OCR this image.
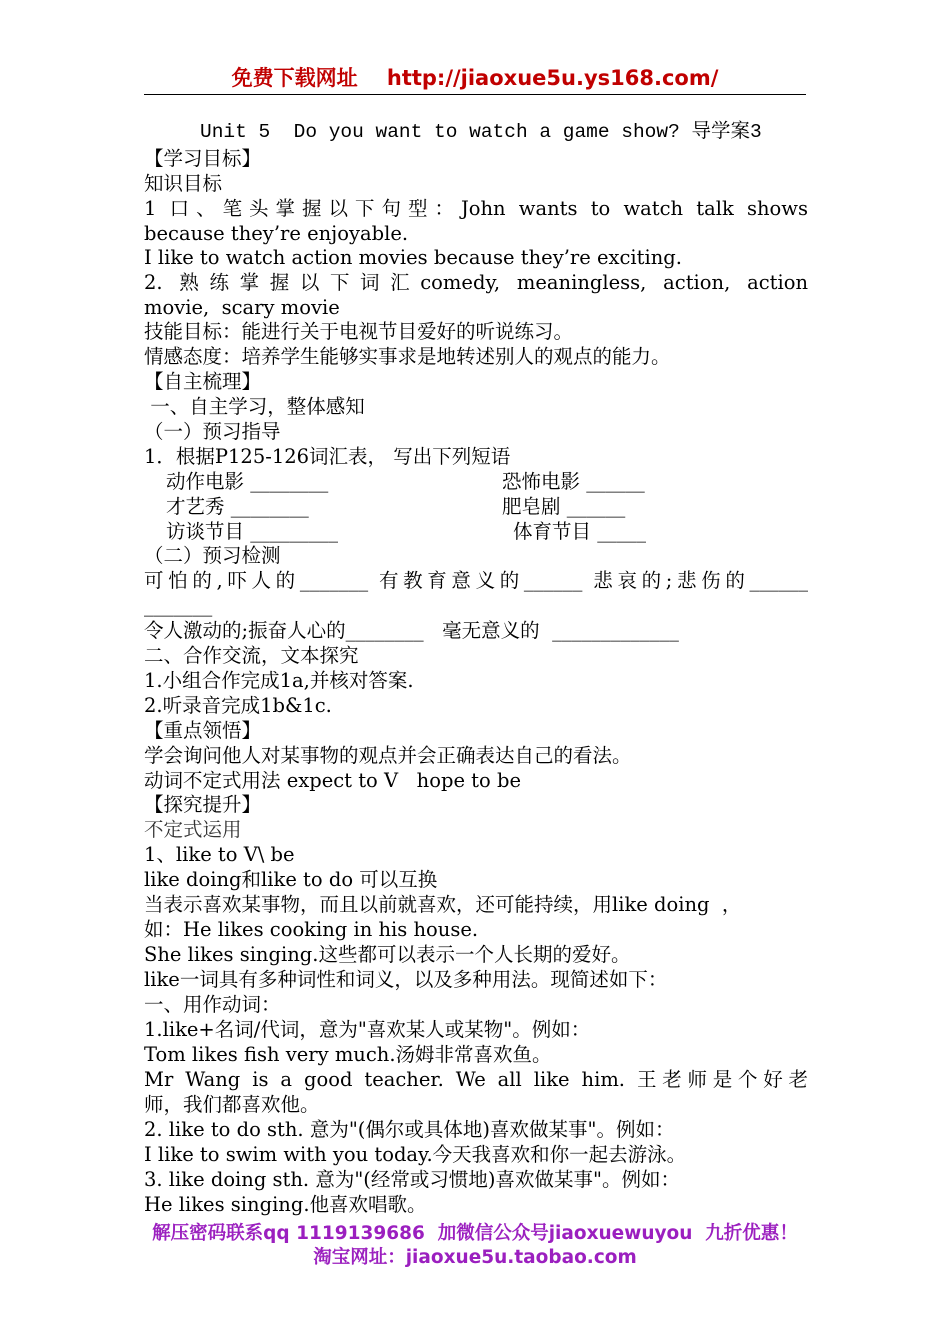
免费下载网址    http://jiaoxue5u.ys168.com/
Unit 5  Do you want to watch a game show? 导学案3
【学习目标】
知识目标
1 口、笔头掌握以下句型：John wants to watch talk shows
because they’re enjoyable.
I like to watch action movies because they’re exciting.
2. 熟练掌握以下词汇comedy, meaningless, action, action
movie,  scary movie
技能目标：能进行关于电视节目爱好的听说练习。
情感态度：培养学生能够实事求是地转述别人的观点的能力。
【自主梳理】
一、自主学习，整体感知
（一）预习指导
1．根据P125-126词汇表， 写出下列短语
动作电影 ________	恐怖电影 ______
才艺秀 ________	肥皂剧 ______
访谈节目 _________	体育节目 _____
（二）预习检测
可怕的,吓人的_______ 有教育意义的______ 悲哀的;悲伤的______
_______
令人激动的;振奋人心的________   毫无意义的  _____________
二、合作交流，文本探究
1.小组合作完成1a,并核对答案.
2.听录音完成1b&1c.
【重点领悟】
学会询问他人对某事物的观点并会正确表达自己的看法。
动词不定式用法 expect to V   hope to be
【探究提升】
不定式运用
1、like to V\ be
like doing和like to do 可以互换
当表示喜欢某事物，而且以前就喜欢，还可能持续，用like doing  ，
如：He likes cooking in his house.
She likes singing.这些都可以表示一个人长期的爱好。
like一词具有多种词性和词义，以及多种用法。现简述如下：
一、用作动词：
1.like+名词/代词，意为"喜欢某人或某物"。例如：
Tom likes fish very much.汤姆非常喜欢鱼。
Mr Wang is a good teacher. We all like him. 王老师是个好老
师，我们都喜欢他。
2. like to do sth. 意为"(偶尔或具体地)喜欢做某事"。例如：
I like to swim with you today.今天我喜欢和你一起去游泳。
3. like doing sth. 意为"(经常或习惯地)喜欢做某事"。例如：
He likes singing.他喜欢唱歌。
解压密码联系qq 1119139686  加微信公众号jiaoxuewuyou  九折优惠！
淘宝网址：jiaoxue5u.taobao.com
